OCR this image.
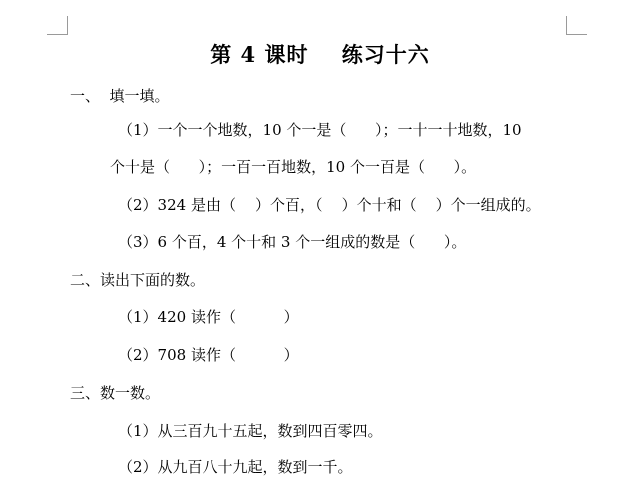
第 4 课时    练习十六
一、  填一填。
（1）一个一个地数，10 个一是（      ）；一十一十地数，10
个十是（      ）；一百一百地数，10 个一百是（      ）。
（2）324 是由（    ）个百，（    ）个十和（    ）个一组成的。
（3）6 个百，4 个十和 3 个一组成的数是（      ）。
二、读出下面的数。
（1）420 读作（          ）
（2）708 读作（          ）
三、数一数。
（1）从三百九十五起，数到四百零四。
（2）从九百八十九起，数到一千。
